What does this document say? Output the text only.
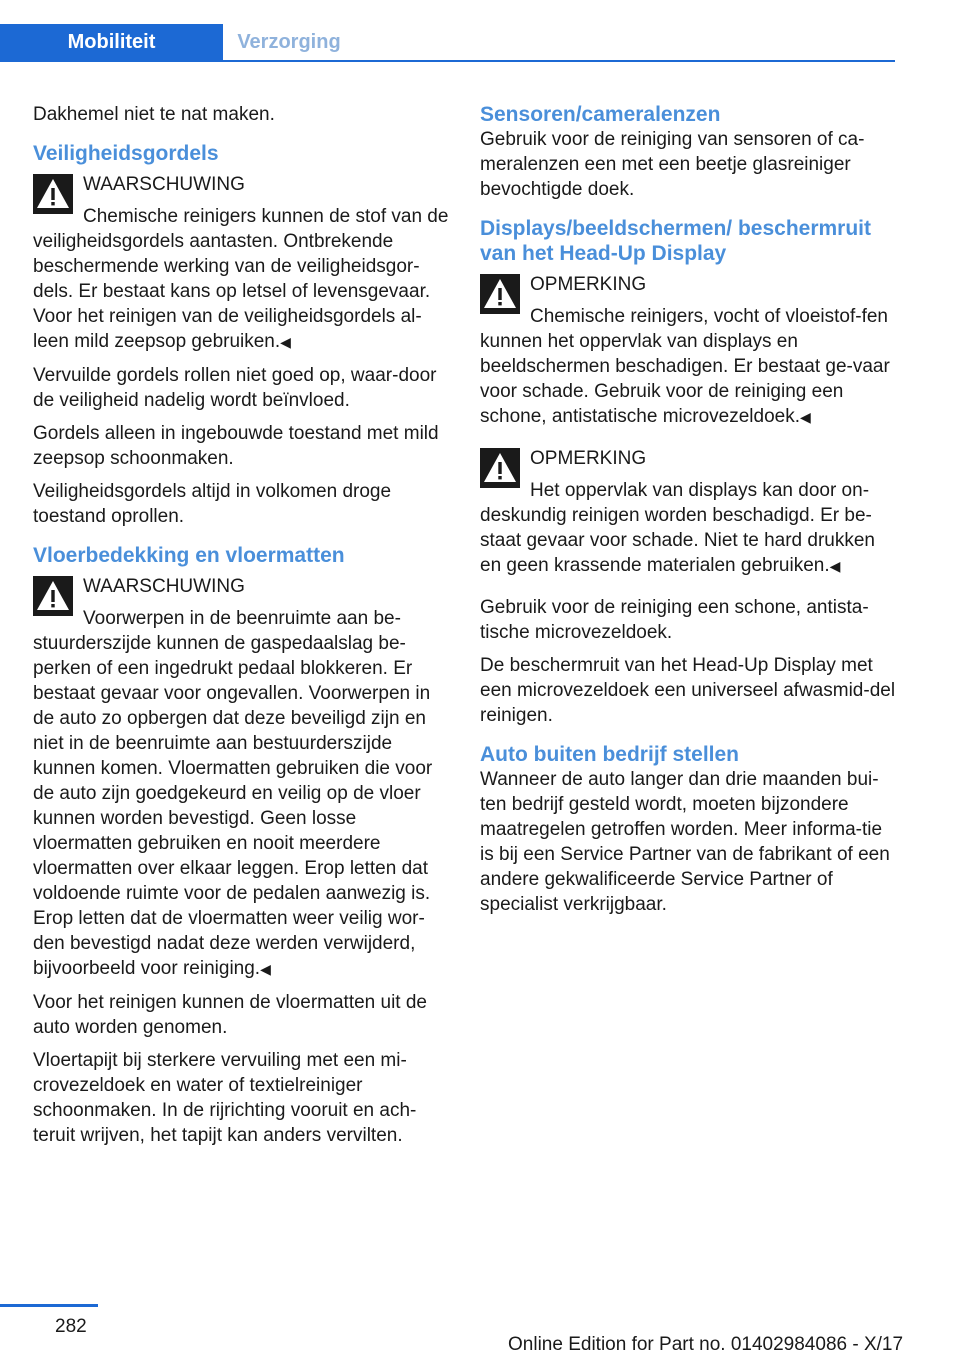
Mobiliteit	Verzorging

Dakhemel niet te nat maken.

Veiligheidsgordels

WAARSCHUWING
Chemische reinigers kunnen de stof van de veiligheidsgordels aantasten. Ontbrekende beschermende werking van de veiligheidsgor-dels. Er bestaat kans op letsel of levensgevaar. Voor het reinigen van de veiligheidsgordels al-leen mild zeepsop gebruiken.◀

Vervuilde gordels rollen niet goed op, waar-door de veiligheid nadelig wordt beïnvloed.

Gordels alleen in ingebouwde toestand met mild zeepsop schoonmaken.

Veiligheidsgordels altijd in volkomen droge toestand oprollen.

Vloerbedekking en vloermatten

WAARSCHUWING
Voorwerpen in de beenruimte aan be-stuurderszijde kunnen de gaspedaalslag be-perken of een ingedrukt pedaal blokkeren. Er bestaat gevaar voor ongevallen. Voorwerpen in de auto zo opbergen dat deze beveiligd zijn en niet in de beenruimte aan bestuurderszijde kunnen komen. Vloermatten gebruiken die voor de auto zijn goedgekeurd en veilig op de vloer kunnen worden bevestigd. Geen losse vloermatten gebruiken en nooit meerdere vloermatten over elkaar leggen. Erop letten dat voldoende ruimte voor de pedalen aanwezig is. Erop letten dat de vloermatten weer veilig wor-den bevestigd nadat deze werden verwijderd, bijvoorbeeld voor reiniging.◀

Voor het reinigen kunnen de vloermatten uit de auto worden genomen.

Vloertapijt bij sterkere vervuiling met een mi-crovezeldoek en water of textielreiniger schoonmaken. In de rijrichting vooruit en ach-teruit wrijven, het tapijt kan anders vervilten.

Sensoren/cameralenzen

Gebruik voor de reiniging van sensoren of ca-meralenzen een met een beetje glasreiniger bevochtigde doek.

Displays/beeldschermen/ beschermruit van het Head-Up Display

OPMERKING
Chemische reinigers, vocht of vloeistof-fen kunnen het oppervlak van displays en beeldschermen beschadigen. Er bestaat ge-vaar voor schade. Gebruik voor de reiniging een schone, antistatische microvezeldoek.◀

OPMERKING
Het oppervlak van displays kan door on-deskundig reinigen worden beschadigd. Er be-staat gevaar voor schade. Niet te hard drukken en geen krassende materialen gebruiken.◀

Gebruik voor de reiniging een schone, antista-tische microvezeldoek.

De beschermruit van het Head-Up Display met een microvezeldoek een universeel afwasmid-del reinigen.

Auto buiten bedrijf stellen

Wanneer de auto langer dan drie maanden bui-ten bedrijf gesteld wordt, moeten bijzondere maatregelen getroffen worden. Meer informa-tie is bij een Service Partner van de fabrikant of een andere gekwalificeerde Service Partner of specialist verkrijgbaar.

282
Online Edition for Part no. 01402984086 - X/17
